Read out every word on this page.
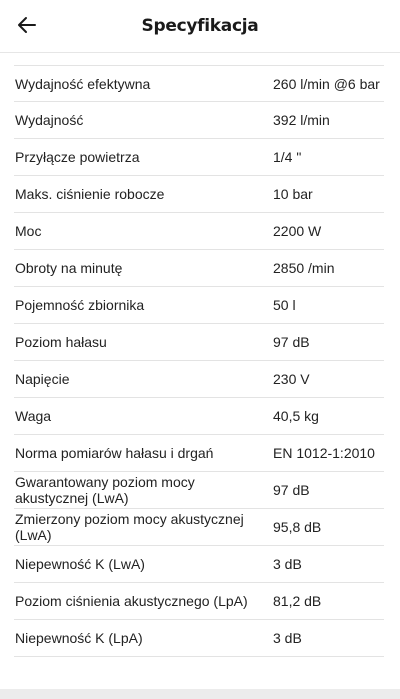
Specyfikacja
Wydajność efektywna	260 l/min @6 bar
Wydajność	392 l/min
Przyłącze powietrza	1/4 "
Maks. ciśnienie robocze	10 bar
Moc	2200 W
Obroty na minutę	2850 /min
Pojemność zbiornika	50 l
Poziom hałasu	97 dB
Napięcie	230 V
Waga	40,5 kg
Norma pomiarów hałasu i drgań	EN 1012-1:2010
Gwarantowany poziom mocy akustycznej (LwA)	97 dB
Zmierzony poziom mocy akustycznej (LwA)	95,8 dB
Niepewność K (LwA)	3 dB
Poziom ciśnienia akustycznego (LpA)	81,2 dB
Niepewność K (LpA)	3 dB
